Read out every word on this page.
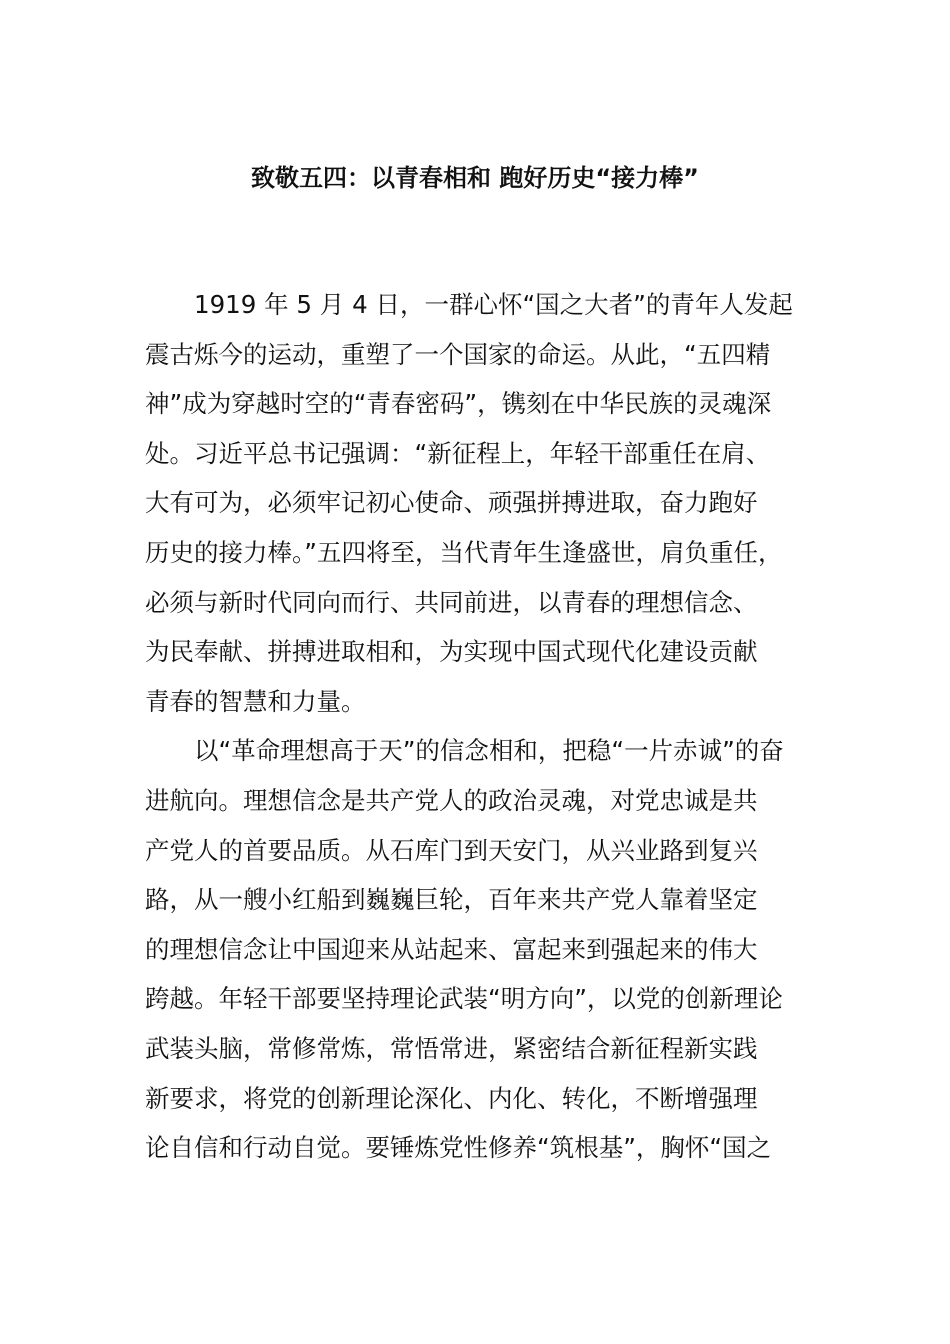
致敬五四：以青春相和 跑好历史“接力棒”
1919 年 5 月 4 日，一群心怀“国之大者”的青年人发起
震古烁今的运动，重塑了一个国家的命运。从此，“五四精
神”成为穿越时空的“青春密码”，镌刻在中华民族的灵魂深
处。习近平总书记强调：“新征程上，年轻干部重任在肩、
大有可为，必须牢记初心使命、顽强拼搏进取，奋力跑好
历史的接力棒。”五四将至，当代青年生逢盛世，肩负重任，
必须与新时代同向而行、共同前进，以青春的理想信念、
为民奉献、拼搏进取相和，为实现中国式现代化建设贡献
青春的智慧和力量。
以“革命理想高于天”的信念相和，把稳“一片赤诚”的奋
进航向。理想信念是共产党人的政治灵魂，对党忠诚是共
产党人的首要品质。从石库门到天安门，从兴业路到复兴
路，从一艘小红船到巍巍巨轮，百年来共产党人靠着坚定
的理想信念让中国迎来从站起来、富起来到强起来的伟大
跨越。年轻干部要坚持理论武装“明方向”，以党的创新理论
武装头脑，常修常炼，常悟常进，紧密结合新征程新实践
新要求，将党的创新理论深化、内化、转化，不断增强理
论自信和行动自觉。要锤炼党性修养“筑根基”，胸怀“国之
